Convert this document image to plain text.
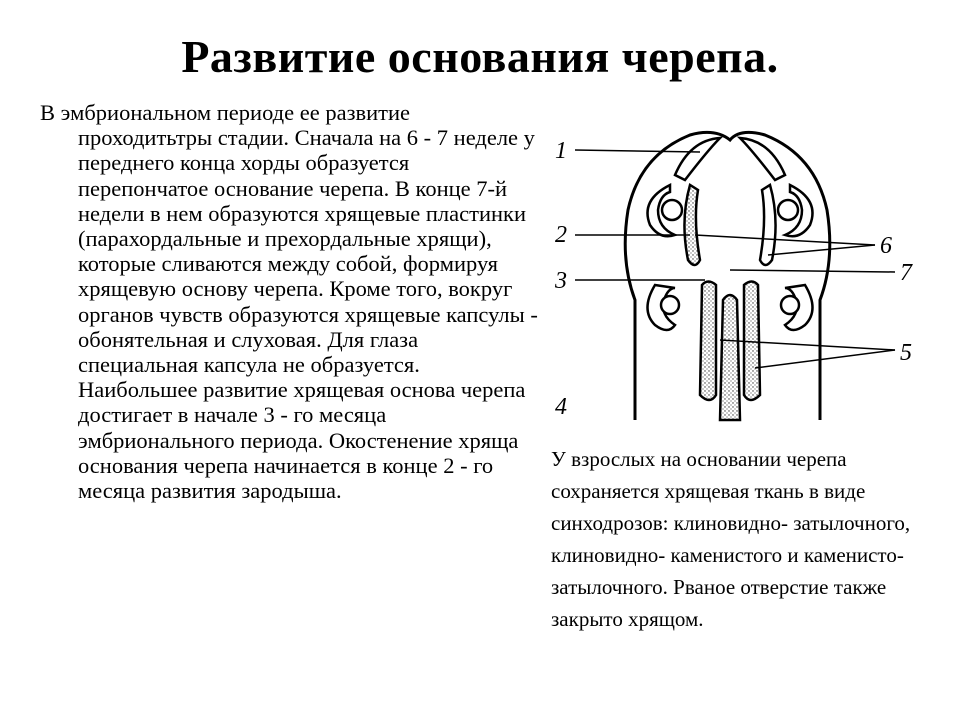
Развитие основания черепа.
В эмбриональном периоде ее развитие
проходитьтры стадии. Сначала на 6 - 7 неделе у переднего конца хорды образуется перепончатое основание черепа. В конце 7-й недели в нем образуются хрящевые пластинки (парахордальные и прехордальные хрящи), которые сливаются между собой, формируя хрящевую основу черепа. Кроме того, вокруг органов чувств образуются хрящевые капсулы - обонятельная и слуховая. Для глаза специальная капсула не образуется. Наибольшее развитие хрящевая основа черепа достигает в начале 3 - го месяца эмбрионального периода. Окостенение хряща основания черепа начинается в конце 2 - го месяца развития зародыша.
1
2
3
4
6
7
5
У взрослых на основании черепа сохраняется хрящевая ткань в виде синходрозов: клиновидно- затылочного, клиновидно- каменистого и каменисто- затылочного. Рваное отверстие также закрыто хрящом.
